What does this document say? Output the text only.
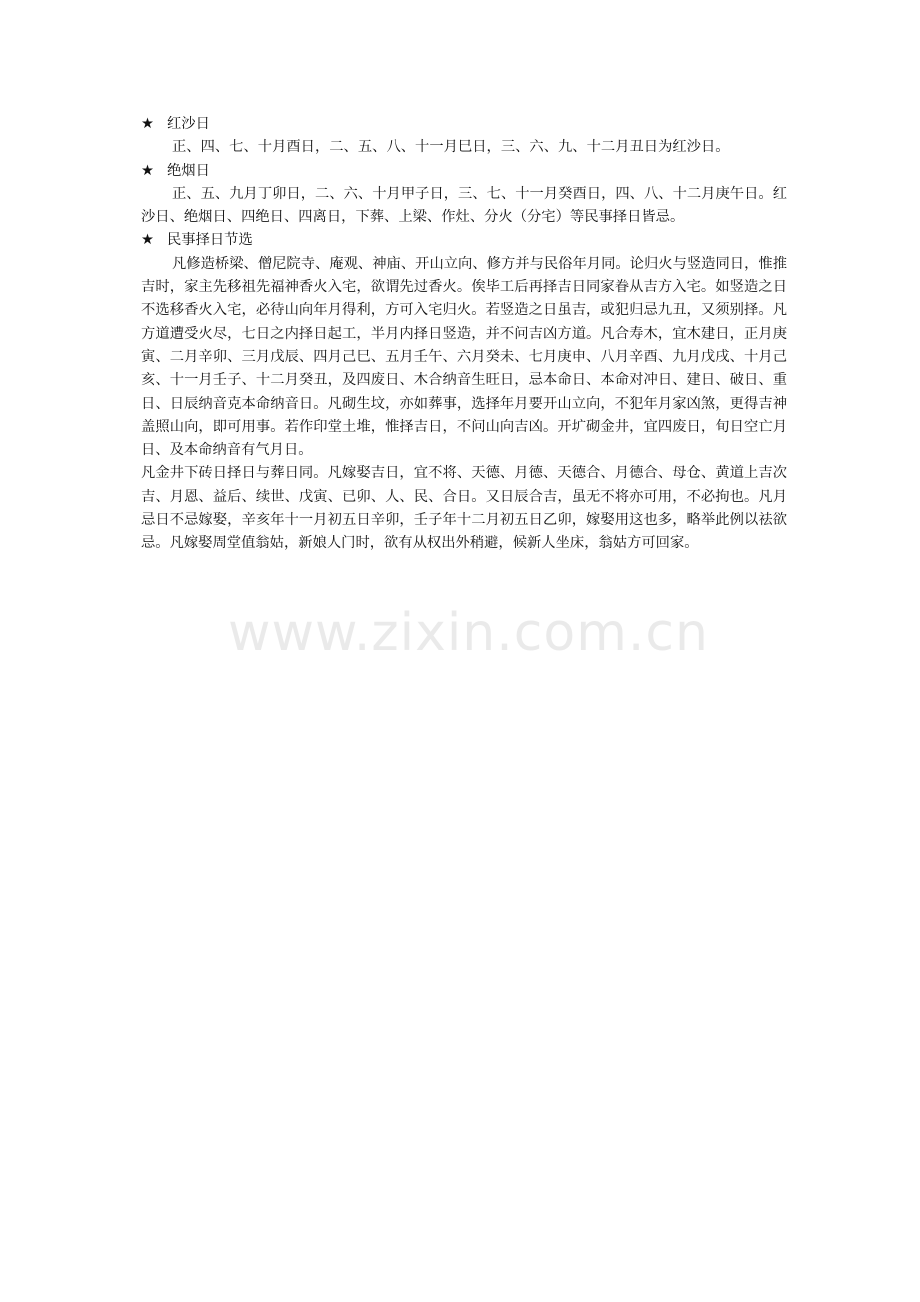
★ 红沙日

正、四、七、十月酉日，二、五、八、十一月巳日，三、六、九、十二月丑日为红沙日。

★ 绝烟日

正、五、九月丁卯日，二、六、十月甲子日，三、七、十一月癸酉日，四、八、十二月庚午日。红沙日、绝烟日、四绝日、四离日，下葬、上梁、作灶、分火（分宅）等民事择日皆忌。

★ 民事择日节选

凡修造桥梁、僧尼院寺、庵观、神庙、开山立向、修方并与民俗年月同。论归火与竖造同日，惟推吉时，家主先移祖先福神香火入宅，欲谓先过香火。俟毕工后再择吉日同家眷从吉方入宅。如竖造之日不选移香火入宅，必待山向年月得利，方可入宅归火。若竖造之日虽吉，或犯归忌九丑，又须别择。凡方道遭受火尽，七日之内择日起工，半月内择日竖造，并不问吉凶方道。凡合寿木，宜木建日，正月庚寅、二月辛卯、三月戊辰、四月己巳、五月壬午、六月癸未、七月庚申、八月辛酉、九月戊戌、十月己亥、十一月壬子、十二月癸丑，及四废日、木合纳音生旺日，忌本命日、本命对冲日、建日、破日、重日、日辰纳音克本命纳音日。凡砌生坟，亦如葬事，选择年月要开山立向，不犯年月家凶煞，更得吉神盖照山向，即可用事。若作印堂土堆，惟择吉日，不问山向吉凶。开圹砌金井，宜四废日，旬日空亡月日、及本命纳音有气月日。

凡金井下砖日择日与葬日同。凡嫁娶吉日，宜不将、天德、月德、天德合、月德合、母仓、黄道上吉次吉、月恩、益后、续世、戊寅、已卯、人、民、合日。又日辰合吉，虽无不将亦可用，不必拘也。凡月忌日不忌嫁娶，辛亥年十一月初五日辛卯，壬子年十二月初五日乙卯，嫁娶用这也多，略举此例以祛欲忌。凡嫁娶周堂值翁姑，新娘人门时，欲有从权出外稍避，候新人坐床，翁姑方可回家。

www.zixin.com.cn
